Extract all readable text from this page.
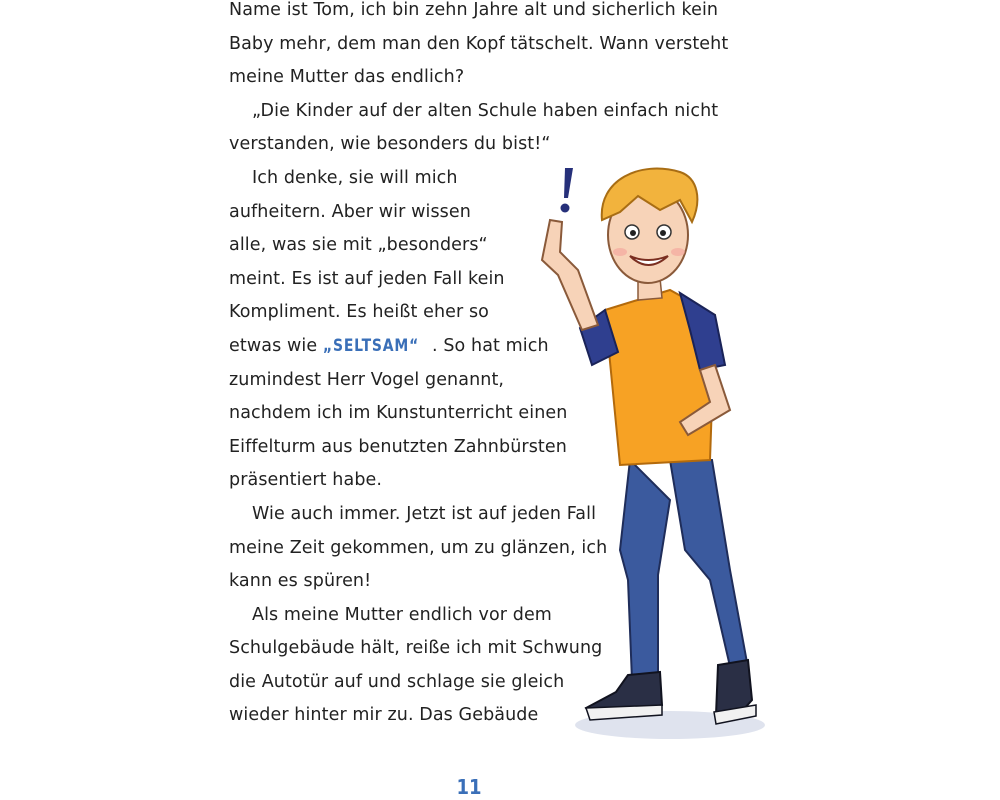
Name ist Tom, ich bin zehn Jahre alt und sicherlich kein
Baby mehr, dem man den Kopf tätschelt. Wann versteht
meine Mutter das endlich?
„Die Kinder auf der alten Schule haben einfach nicht
verstanden, wie besonders du bist!“
Ich denke, sie will mich
aufheitern. Aber wir wissen
alle, was sie mit „besonders“
meint. Es ist auf jeden Fall kein
Kompliment. Es heißt eher so
etwas wie „SELTSAM“ . So hat mich
zumindest Herr Vogel genannt,
nachdem ich im Kunstunterricht einen
Eiffelturm aus benutzten Zahnbürsten
präsentiert habe.
Wie auch immer. Jetzt ist auf jeden Fall
meine Zeit gekommen, um zu glänzen, ich
kann es spüren!
Als meine Mutter endlich vor dem
Schulgebäude hält, reiße ich mit Schwung
die Autotür auf und schlage sie gleich
wieder hinter mir zu. Das Gebäude
!
11
